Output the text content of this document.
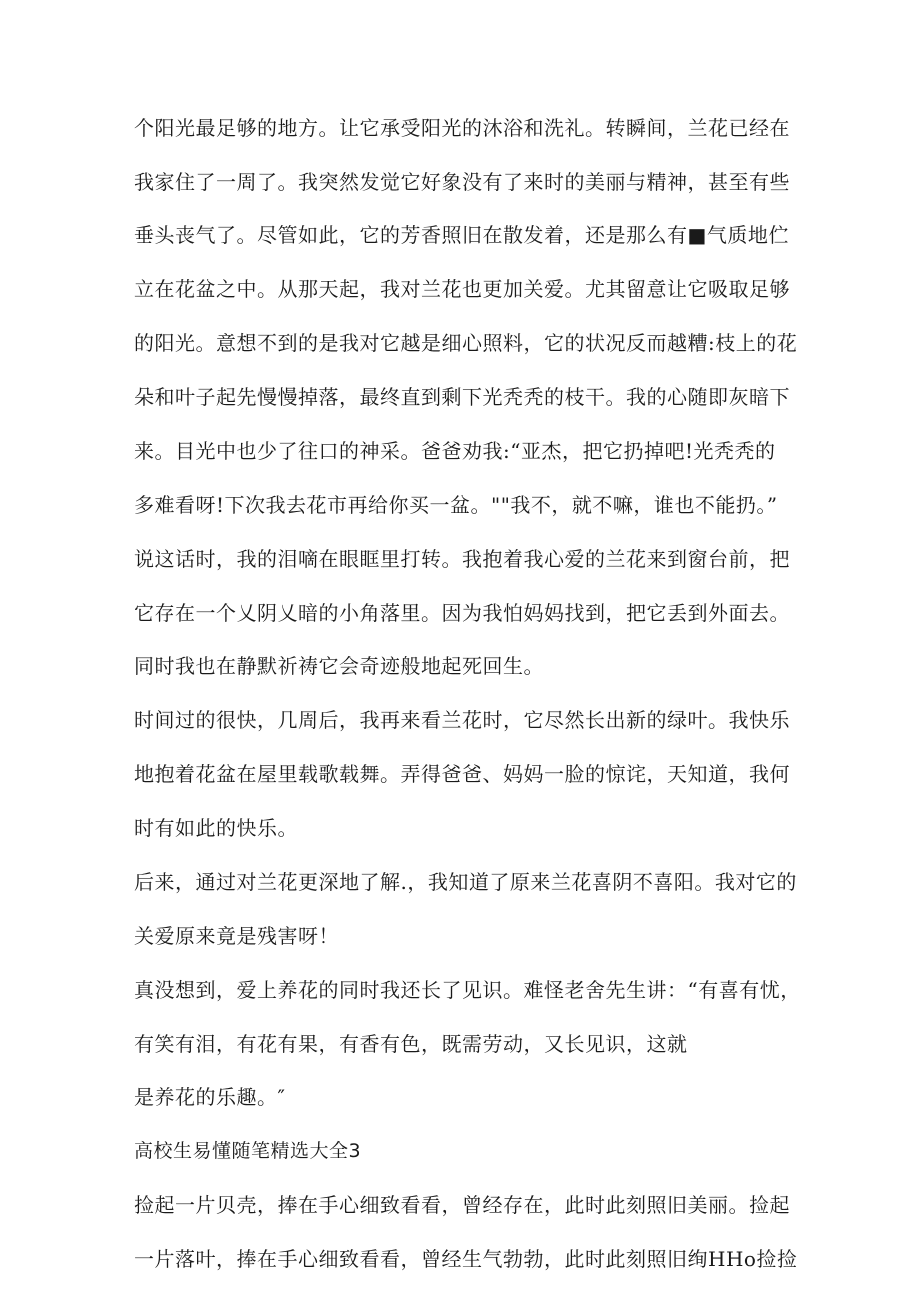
个阳光最足够的地方。让它承受阳光的沐浴和洗礼。转瞬间，兰花已经在
我家住了一周了。我突然发觉它好象没有了来时的美丽与精神，甚至有些
垂头丧气了。尽管如此，它的芳香照旧在散发着，还是那么有■气质地伫
立在花盆之中。从那天起，我对兰花也更加关爱。尤其留意让它吸取足够
的阳光。意想不到的是我对它越是细心照料，它的状况反而越糟:枝上的花
朵和叶子起先慢慢掉落，最终直到剩下光秃秃的枝干。我的心随即灰暗下
来。目光中也少了往口的神采。爸爸劝我:“亚杰，把它扔掉吧!光秃秃的
多难看呀!下次我去花市再给你买一盆。""我不，就不嘛，谁也不能扔。”
说这话时，我的泪嘀在眼眶里打转。我抱着我心爱的兰花来到窗台前，把
它存在一个乂阴乂暗的小角落里。因为我怕妈妈找到，把它丢到外面去。
同时我也在静默祈祷它会奇迹般地起死回生。
时间过的很快，几周后，我再来看兰花时，它尽然长出新的绿叶。我快乐
地抱着花盆在屋里载歌载舞。弄得爸爸、妈妈一脸的惊诧，天知道，我何
时有如此的快乐。
后来，通过对兰花更深地了解.，我知道了原来兰花喜阴不喜阳。我对它的
关爱原来竟是残害呀！
真没想到，爱上养花的同时我还长了见识。难怪老舍先生讲：“有喜有忧，
有笑有泪，有花有果，有香有色，既需劳动，又长见识，这就
是养花的乐趣。″
高校生易懂随笔精选大全3
捡起一片贝壳，捧在手心细致看看，曾经存在，此时此刻照旧美丽。捡起
一片落叶，捧在手心细致看看，曾经生气勃勃，此时此刻照旧绚HHo捡捡
